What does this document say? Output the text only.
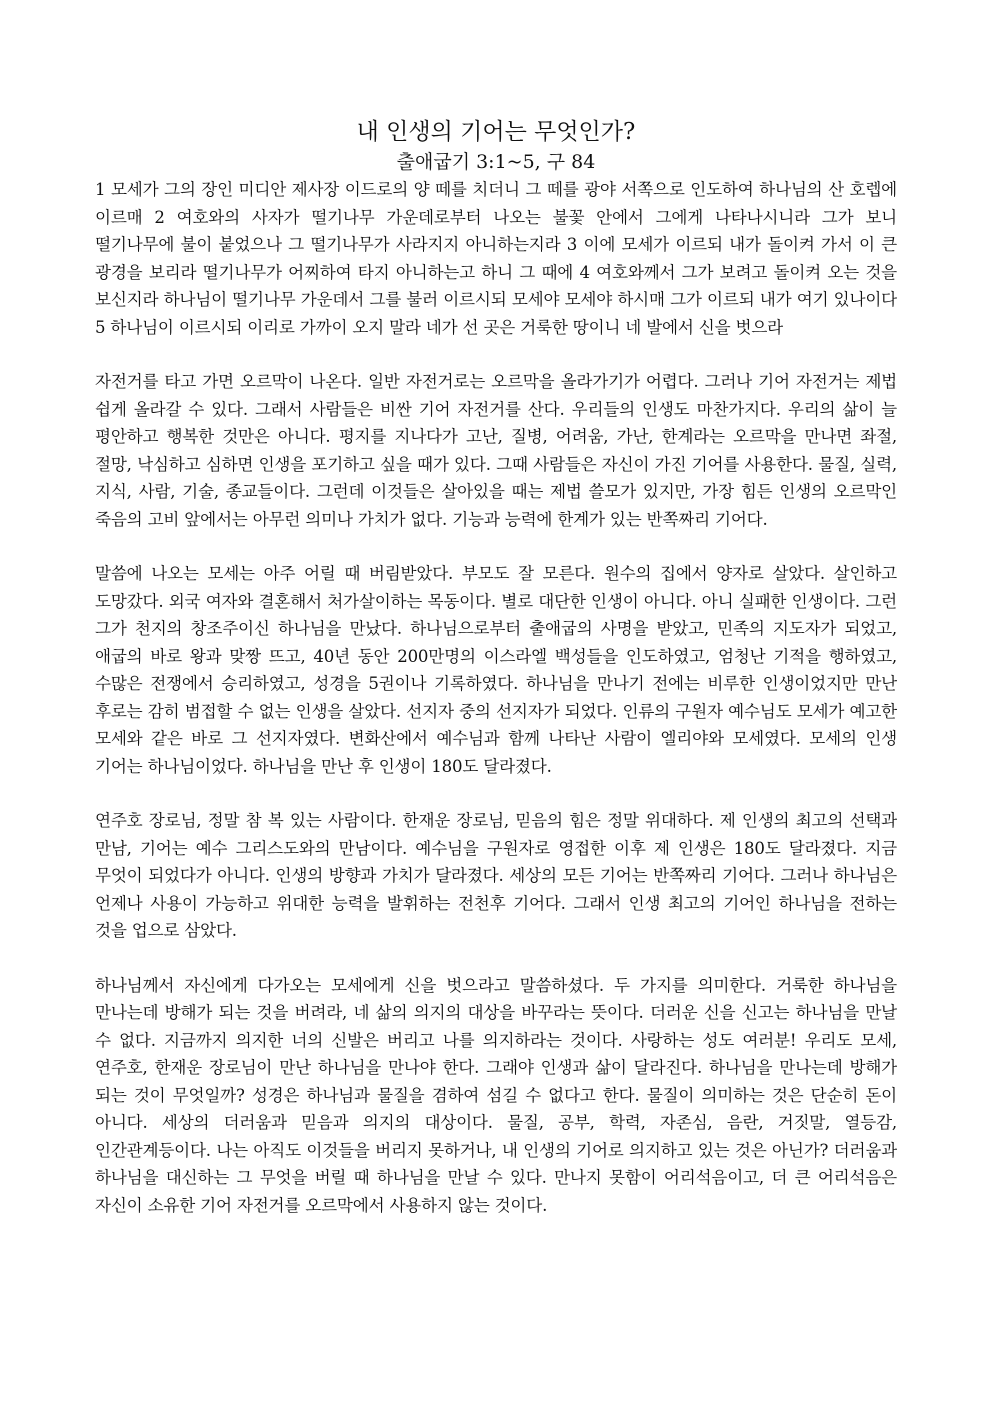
내 인생의 기어는 무엇인가?
출애굽기 3:1~5, 구 84

1 모세가 그의 장인 미디안 제사장 이드로의 양 떼를 치더니 그 떼를 광야 서쪽으로 인도하여 하나님의 산 호렙에 이르매 2 여호와의 사자가 떨기나무 가운데로부터 나오는 불꽃 안에서 그에게 나타나시니라 그가 보니 떨기나무에 불이 붙었으나 그 떨기나무가 사라지지 아니하는지라 3 이에 모세가 이르되 내가 돌이켜 가서 이 큰 광경을 보리라 떨기나무가 어찌하여 타지 아니하는고 하니 그 때에 4 여호와께서 그가 보려고 돌이켜 오는 것을 보신지라 하나님이 떨기나무 가운데서 그를 불러 이르시되 모세야 모세야 하시매 그가 이르되 내가 여기 있나이다 5 하나님이 이르시되 이리로 가까이 오지 말라 네가 선 곳은 거룩한 땅이니 네 발에서 신을 벗으라

자전거를 타고 가면 오르막이 나온다. 일반 자전거로는 오르막을 올라가기가 어렵다. 그러나 기어 자전거는 제법 쉽게 올라갈 수 있다. 그래서 사람들은 비싼 기어 자전거를 산다. 우리들의 인생도 마찬가지다. 우리의 삶이 늘 평안하고 행복한 것만은 아니다. 평지를 지나다가 고난, 질병, 어려움, 가난, 한계라는 오르막을 만나면 좌절, 절망, 낙심하고 심하면 인생을 포기하고 싶을 때가 있다. 그때 사람들은 자신이 가진 기어를 사용한다. 물질, 실력, 지식, 사람, 기술, 종교들이다. 그런데 이것들은 살아있을 때는 제법 쓸모가 있지만, 가장 힘든 인생의 오르막인 죽음의 고비 앞에서는 아무런 의미나 가치가 없다. 기능과 능력에 한계가 있는 반쪽짜리 기어다.

말씀에 나오는 모세는 아주 어릴 때 버림받았다. 부모도 잘 모른다. 원수의 집에서 양자로 살았다. 살인하고 도망갔다. 외국 여자와 결혼해서 처가살이하는 목동이다. 별로 대단한 인생이 아니다. 아니 실패한 인생이다. 그런 그가 천지의 창조주이신 하나님을 만났다. 하나님으로부터 출애굽의 사명을 받았고, 민족의 지도자가 되었고, 애굽의 바로 왕과 맞짱 뜨고, 40년 동안 200만명의 이스라엘 백성들을 인도하였고, 엄청난 기적을 행하였고, 수많은 전쟁에서 승리하였고, 성경을 5권이나 기록하였다. 하나님을 만나기 전에는 비루한 인생이었지만 만난 후로는 감히 범접할 수 없는 인생을 살았다. 선지자 중의 선지자가 되었다. 인류의 구원자 예수님도 모세가 예고한 모세와 같은 바로 그 선지자였다. 변화산에서 예수님과 함께 나타난 사람이 엘리야와 모세였다. 모세의 인생 기어는 하나님이었다. 하나님을 만난 후 인생이 180도 달라졌다.

연주호 장로님, 정말 참 복 있는 사람이다. 한재운 장로님, 믿음의 힘은 정말 위대하다. 제 인생의 최고의 선택과 만남, 기어는 예수 그리스도와의 만남이다. 예수님을 구원자로 영접한 이후 제 인생은 180도 달라졌다. 지금 무엇이 되었다가 아니다. 인생의 방향과 가치가 달라졌다. 세상의 모든 기어는 반쪽짜리 기어다. 그러나 하나님은 언제나 사용이 가능하고 위대한 능력을 발휘하는 전천후 기어다. 그래서 인생 최고의 기어인 하나님을 전하는 것을 업으로 삼았다.

하나님께서 자신에게 다가오는 모세에게 신을 벗으라고 말씀하셨다. 두 가지를 의미한다. 거룩한 하나님을 만나는데 방해가 되는 것을 버려라, 네 삶의 의지의 대상을 바꾸라는 뜻이다. 더러운 신을 신고는 하나님을 만날 수 없다. 지금까지 의지한 너의 신발은 버리고 나를 의지하라는 것이다. 사랑하는 성도 여러분! 우리도 모세, 연주호, 한재운 장로님이 만난 하나님을 만나야 한다. 그래야 인생과 삶이 달라진다. 하나님을 만나는데 방해가 되는 것이 무엇일까? 성경은 하나님과 물질을 겸하여 섬길 수 없다고 한다. 물질이 의미하는 것은 단순히 돈이 아니다. 세상의 더러움과 믿음과 의지의 대상이다. 물질, 공부, 학력, 자존심, 음란, 거짓말, 열등감, 인간관계등이다. 나는 아직도 이것들을 버리지 못하거나, 내 인생의 기어로 의지하고 있는 것은 아닌가? 더러움과 하나님을 대신하는 그 무엇을 버릴 때 하나님을 만날 수 있다. 만나지 못함이 어리석음이고, 더 큰 어리석음은 자신이 소유한 기어 자전거를 오르막에서 사용하지 않는 것이다.
